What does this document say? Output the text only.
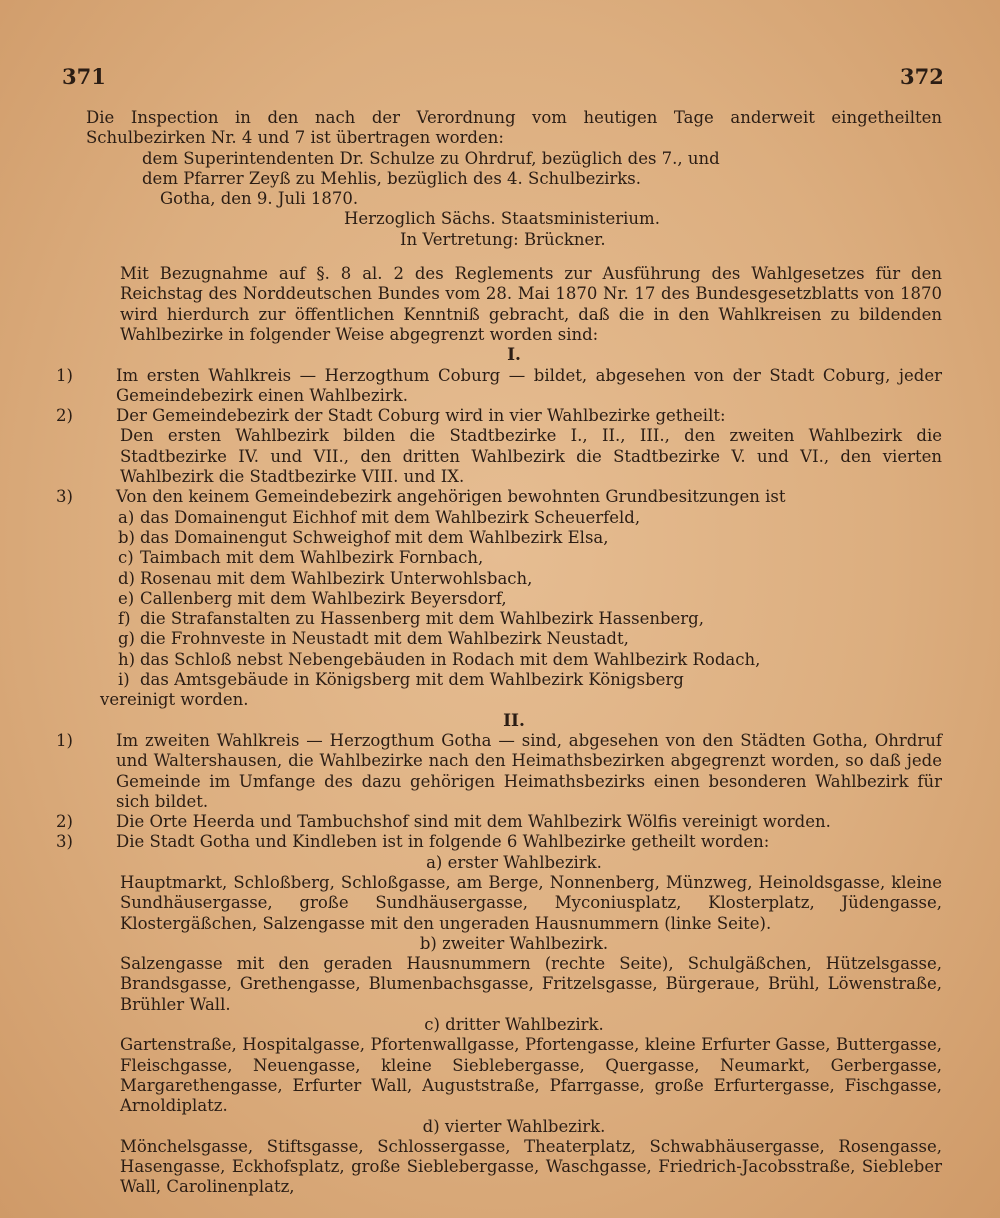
371	372

Die Inspection in den nach der Verordnung vom heutigen Tage anderweit eingetheilten Schulbezirken Nr. 4 und 7 ist übertragen worden:

dem Superintendenten Dr. Schulze zu Ohrdruf, bezüglich des 7., und

dem Pfarrer Zeyß zu Mehlis, bezüglich des 4. Schulbezirks.

Gotha, den 9. Juli 1870.

Herzoglich Sächs. Staatsministerium.

In Vertretung: Brückner.

Mit Bezugnahme auf §. 8 al. 2 des Reglements zur Ausführung des Wahlgesetzes für den Reichstag des Norddeutschen Bundes vom 28. Mai 1870 Nr. 17 des Bundesgesetzblatts von 1870 wird hierdurch zur öffentlichen Kenntniß gebracht, daß die in den Wahlkreisen zu bildenden Wahlbezirke in folgender Weise abgegrenzt worden sind:

I.

1)	Im ersten Wahlkreis — Herzogthum Coburg — bildet, abgesehen von der Stadt Coburg, jeder Gemeindebezirk einen Wahlbezirk.

2)	Der Gemeindebezirk der Stadt Coburg wird in vier Wahlbezirke getheilt:

Den ersten Wahlbezirk bilden die Stadtbezirke I., II., III., den zweiten Wahlbezirk die Stadtbezirke IV. und VII., den dritten Wahlbezirk die Stadtbezirke V. und VI., den vierten Wahlbezirk die Stadtbezirke VIII. und IX.

3)	Von den keinem Gemeindebezirk angehörigen bewohnten Grundbesitzungen ist

a) das Domainengut Eichhof mit dem Wahlbezirk Scheuerfeld,

b) das Domainengut Schweighof mit dem Wahlbezirk Elsa,

c) Taimbach mit dem Wahlbezirk Fornbach,

d) Rosenau mit dem Wahlbezirk Unterwohlsbach,

e) Callenberg mit dem Wahlbezirk Beyersdorf,

f) die Strafanstalten zu Hassenberg mit dem Wahlbezirk Hassenberg,

g) die Frohnveste in Neustadt mit dem Wahlbezirk Neustadt,

h) das Schloß nebst Nebengebäuden in Rodach mit dem Wahlbezirk Rodach,

i) das Amtsgebäude in Königsberg mit dem Wahlbezirk Königsberg

vereinigt worden.

II.

1)	Im zweiten Wahlkreis — Herzogthum Gotha — sind, abgesehen von den Städten Gotha, Ohrdruf und Waltershausen, die Wahlbezirke nach den Heimathsbezirken abgegrenzt worden, so daß jede Gemeinde im Umfange des dazu gehörigen Heimathsbezirks einen besonderen Wahlbezirk für sich bildet.

2)	Die Orte Heerda und Tambuchshof sind mit dem Wahlbezirk Wölfis vereinigt worden.

3)	Die Stadt Gotha und Kindleben ist in folgende 6 Wahlbezirke getheilt worden:

a) erster Wahlbezirk.

Hauptmarkt, Schloßberg, Schloßgasse, am Berge, Nonnenberg, Münzweg, Heinoldsgasse, kleine Sundhäusergasse, große Sundhäusergasse, Myconiusplatz, Klosterplatz, Jüdengasse, Klostergäßchen, Salzengasse mit den ungeraden Hausnummern (linke Seite).

b) zweiter Wahlbezirk.

Salzengasse mit den geraden Hausnummern (rechte Seite), Schulgäßchen, Hützelsgasse, Brandsgasse, Grethengasse, Blumenbachsgasse, Fritzelsgasse, Bürgeraue, Brühl, Löwenstraße, Brühler Wall.

c) dritter Wahlbezirk.

Gartenstraße, Hospitalgasse, Pfortenwallgasse, Pfortengasse, kleine Erfurter Gasse, Buttergasse, Fleischgasse, Neuengasse, kleine Sieblebergasse, Quergasse, Neumarkt, Gerbergasse, Margarethengasse, Erfurter Wall, Auguststraße, Pfarrgasse, große Erfurtergasse, Fischgasse, Arnoldiplatz.

d) vierter Wahlbezirk.

Mönchelsgasse, Stiftsgasse, Schlossergasse, Theaterplatz, Schwabhäusergasse, Rosengasse, Hasengasse, Eckhofsplatz, große Sieblebergasse, Waschgasse, Friedrich-Jacobsstraße, Siebleber Wall, Carolinenplatz,
